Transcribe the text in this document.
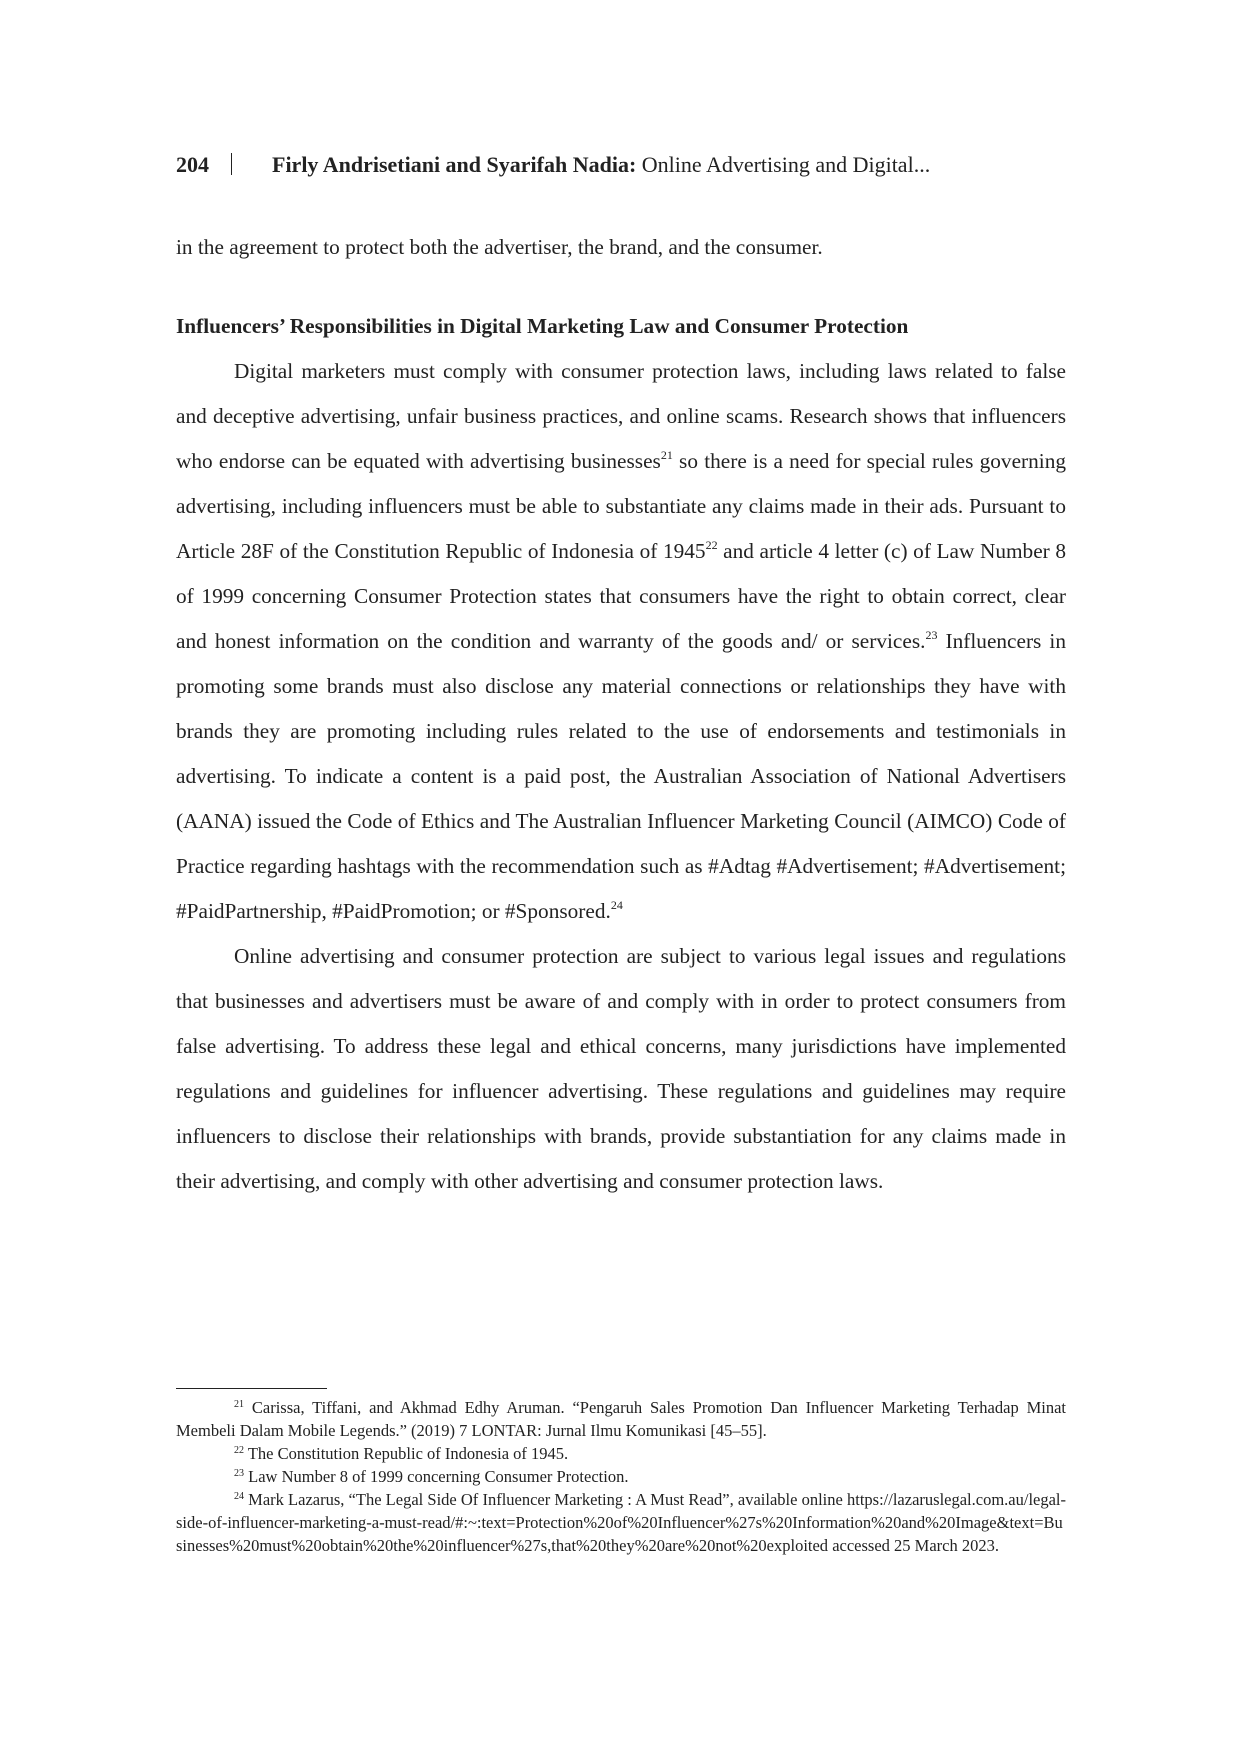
204	Firly Andrisetiani and Syarifah Nadia: Online Advertising and Digital...

in the agreement to protect both the advertiser, the brand, and the consumer.

Influencers’ Responsibilities in Digital Marketing Law and Consumer Protection

Digital marketers must comply with consumer protection laws, including laws related to false and deceptive advertising, unfair business practices, and online scams. Research shows that influencers who endorse can be equated with advertising businesses$^{21}$ so there is a need for special rules governing advertising, including influencers must be able to substantiate any claims made in their ads. Pursuant to Article 28F of the Constitution Republic of Indonesia of 1945$^{22}$ and article 4 letter (c) of Law Number 8 of 1999 concerning Consumer Protection states that consumers have the right to obtain correct, clear and honest information on the condition and warranty of the goods and/ or services.$^{23}$ Influencers in promoting some brands must also disclose any material connections or relationships they have with brands they are promoting including rules related to the use of endorsements and testimonials in advertising. To indicate a content is a paid post, the Australian Association of National Advertisers (AANA) issued the Code of Ethics and The Australian Influencer Marketing Council (AIMCO) Code of Practice regarding hashtags with the recommendation such as #Adtag #Advertisement; #Advertisement; #PaidPartnership, #PaidPromotion; or #Sponsored.$^{24}$

Online advertising and consumer protection are subject to various legal issues and regulations that businesses and advertisers must be aware of and comply with in order to protect consumers from false advertising. To address these legal and ethical concerns, many jurisdictions have implemented regulations and guidelines for influencer advertising. These regulations and guidelines may require influencers to disclose their relationships with brands, provide substantiation for any claims made in their advertising, and comply with other advertising and consumer protection laws.

$^{21}$ Carissa, Tiffani, and Akhmad Edhy Aruman. “Pengaruh Sales Promotion Dan Influencer Marketing Terhadap Minat Membeli Dalam Mobile Legends.” (2019) 7 LONTAR: Jurnal Ilmu Komunikasi [45–55].

$^{22}$ The Constitution Republic of Indonesia of 1945.

$^{23}$ Law Number 8 of 1999 concerning Consumer Protection.

$^{24}$ Mark Lazarus, “The Legal Side Of Influencer Marketing : A Must Read”, available online https://lazaruslegal.com.au/legal-side-of-influencer-marketing-a-must-read/#:~:text=Protection%20of%20Influencer%27s%20Information%20and%20Image&text=Businesses%20must%20obtain%20the%20influencer%27s,that%20they%20are%20not%20exploited accessed 25 March 2023.
